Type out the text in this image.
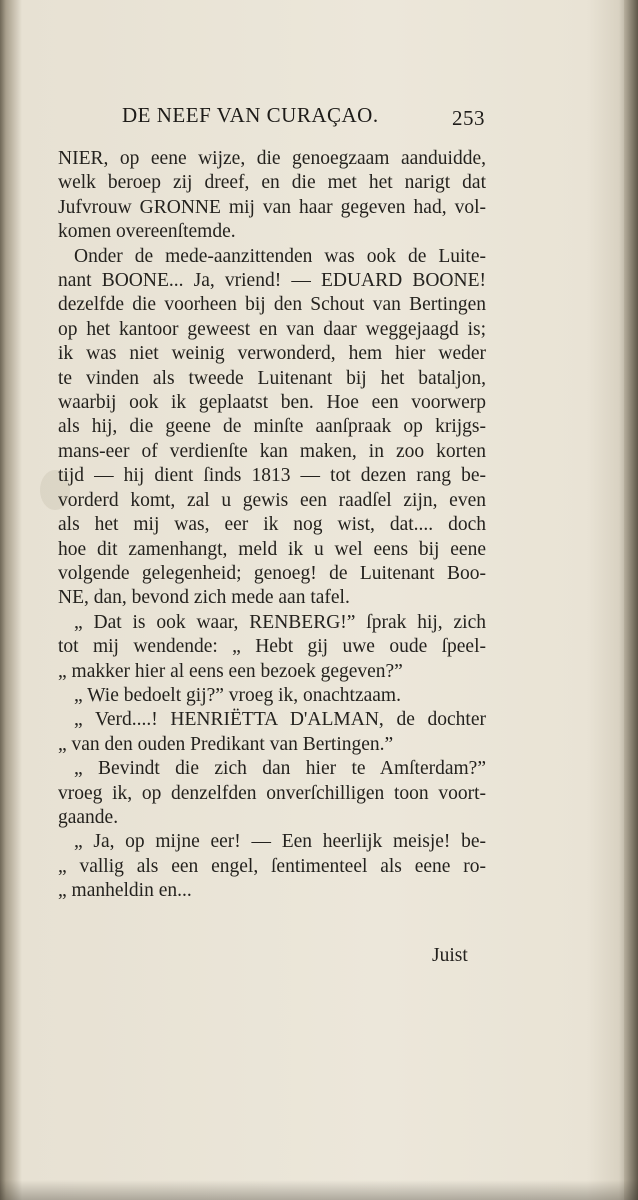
DE NEEF VAN CURAÇAO.	253
NIER, op eene wijze, die genoegzaam aanduidde,
welk beroep zij dreef, en die met het narigt dat
Jufvrouw GRONNE mij van haar gegeven had, vol-
komen overeenſtemde.
Onder de mede-aanzittenden was ook de Luite-
nant BOONE... Ja, vriend! — EDUARD BOONE!
dezelfde die voorheen bij den Schout van Bertingen
op het kantoor geweest en van daar weggejaagd is;
ik was niet weinig verwonderd, hem hier weder
te vinden als tweede Luitenant bij het bataljon,
waarbij ook ik geplaatst ben. Hoe een voorwerp
als hij, die geene de minſte aanſpraak op krijgs-
mans-eer of verdienſte kan maken, in zoo korten
tijd — hij dient ſinds 1813 — tot dezen rang be-
vorderd komt, zal u gewis een raadſel zijn, even
als het mij was, eer ik nog wist, dat.... doch
hoe dit zamenhangt, meld ik u wel eens bij eene
volgende gelegenheid; genoeg! de Luitenant Boo-
NE, dan, bevond zich mede aan tafel.
„ Dat is ook waar, RENBERG!” ſprak hij, zich
tot mij wendende: „ Hebt gij uwe oude ſpeel-
„ makker hier al eens een bezoek gegeven?”
„ Wie bedoelt gij?” vroeg ik, onachtzaam.
„ Verd....! HENRIËTTA D'ALMAN, de dochter
„ van den ouden Predikant van Bertingen.”
„ Bevindt die zich dan hier te Amſterdam?”
vroeg ik, op denzelfden onverſchilligen toon voort-
gaande.
„ Ja, op mijne eer! — Een heerlijk meisje! be-
„ vallig als een engel, ſentimenteel als eene ro-
„ manheldin en...
Juist
